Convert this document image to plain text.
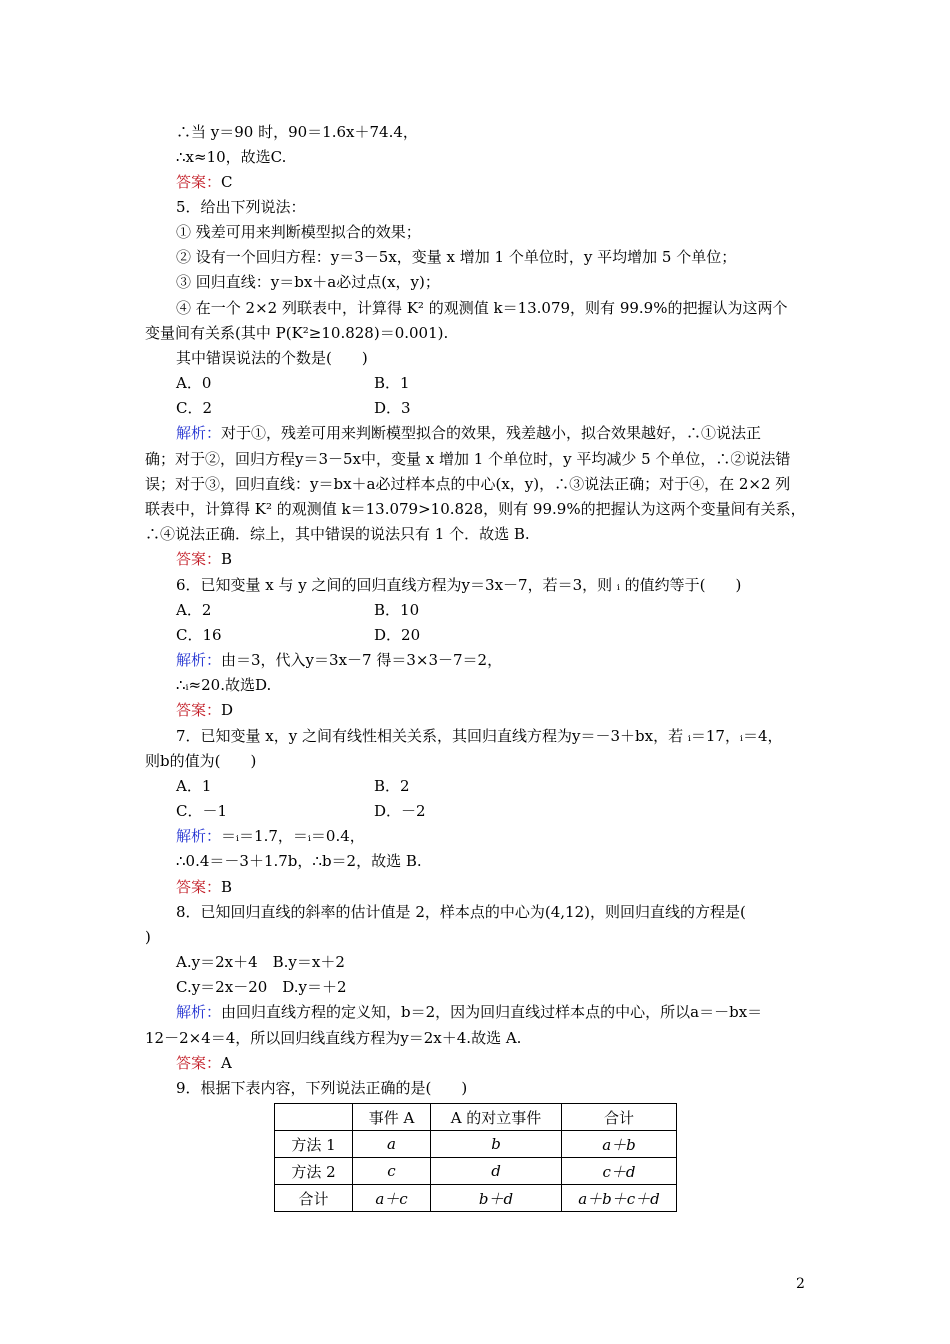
∴当 y＝90 时，90＝1.6x＋74.4，
∴x≈10，故选C.
答案：C
5．给出下列说法：
① 残差可用来判断模型拟合的效果；
② 设有一个回归方程：y＝3－5x，变量 x 增加 1 个单位时，y 平均增加 5 个单位；
③ 回归直线：y＝bx＋a必过点(x，y)；
④ 在一个 2×2 列联表中，计算得 K² 的观测值 k＝13.079，则有 99.9%的把握认为这两个
变量间有关系(其中 P(K²≥10.828)＝0.001).
其中错误说法的个数是(　　)
A．0	B．1
C．2	D．3
解析：对于①，残差可用来判断模型拟合的效果，残差越小，拟合效果越好，∴①说法正
确；对于②，回归方程y＝3－5x中，变量 x 增加 1 个单位时，y 平均减少 5 个单位，∴②说法错
误；对于③，回归直线：y＝bx＋a必过样本点的中心(x，y)，∴③说法正确；对于④，在 2×2 列
联表中，计算得 K² 的观测值 k＝13.079>10.828，则有 99.9%的把握认为这两个变量间有关系，
∴④说法正确．综上，其中错误的说法只有 1 个．故选 B.
答案：B
6．已知变量 x 与 y 之间的回归直线方程为y＝3x－7，若＝3，则 ᵢ 的值约等于(　　)
A．2	B．10
C．16	D．20
解析：由＝3，代入y＝3x－7 得＝3×3－7＝2，
∴ᵢ≈20.故选D.
答案：D
7．已知变量 x，y 之间有线性相关关系，其回归直线方程为y＝－3＋bx，若 ᵢ＝17，ᵢ＝4，
则b的值为(　　)
A．1	B．2
C．－1	D．－2
解析：＝ᵢ＝1.7，＝ᵢ＝0.4，
∴0.4＝－3＋1.7b，∴b＝2，故选 B.
答案：B
8．已知回归直线的斜率的估计值是 2，样本点的中心为(4,12)，则回归直线的方程是(
)
A.y＝2x＋4　B.y＝x＋2
C.y＝2x－20　D.y＝＋2
解析：由回归直线方程的定义知，b＝2，因为回归直线过样本点的中心，所以a＝－bx＝
12－2×4＝4，所以回归线直线方程为y＝2x＋4.故选 A.
答案：A
9．根据下表内容，下列说法正确的是(　　)
	事件 A	A 的对立事件	合计
方法 1	a	b	a＋b
方法 2	c	d	c＋d
合计	a＋c	b＋d	a＋b＋c＋d
2
